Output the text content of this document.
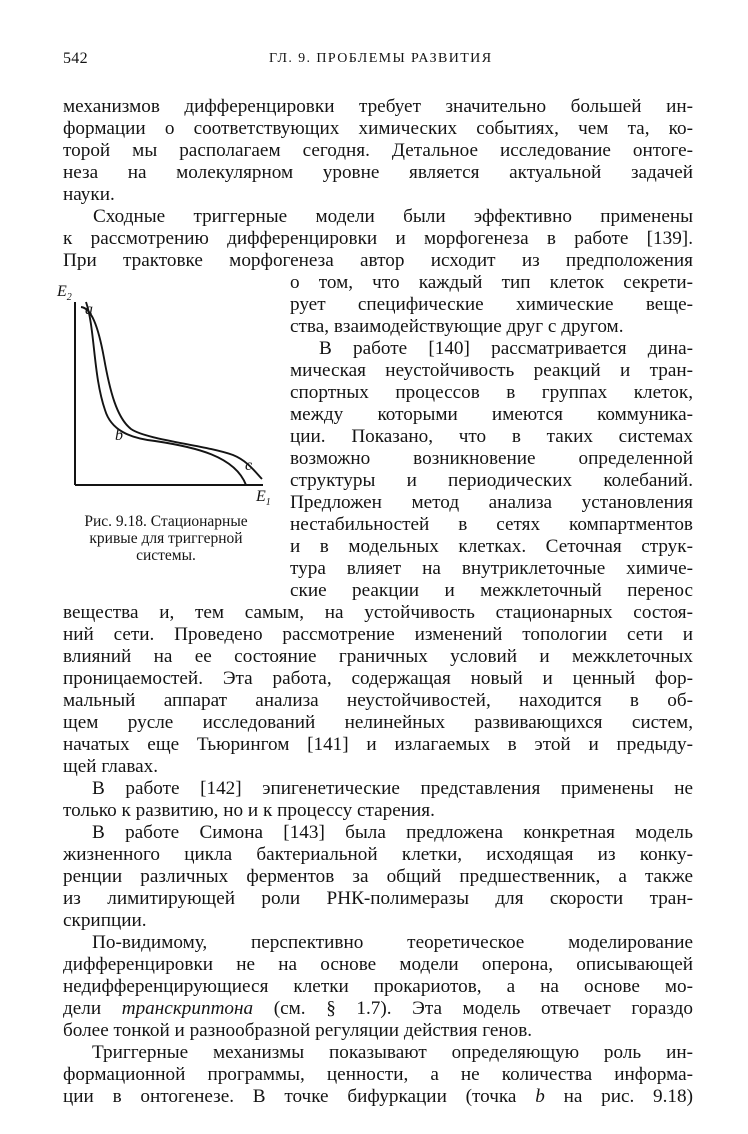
542	ГЛ. 9. ПРОБЛЕМЫ РАЗВИТИЯ
механизмов дифференцировки требует значительно большей ин-
формации о соответствующих химических событиях, чем та, ко-
торой мы располагаем сегодня. Детальное исследование онтоге-
неза на молекулярном уровне является актуальной задачей
науки.
Сходные триггерные модели были эффективно применены
к рассмотрению дифференцировки и морфогенеза в работе [139].
При трактовке морфогенеза автор исходит из предположения
о том, что каждый тип клеток секрети-
рует специфические химические веще-
ства, взаимодействующие друг с другом.
В работе [140] рассматривается дина-
мическая неустойчивость реакций и тран-
спортных процессов в группах клеток,
между которыми имеются коммуника-
ции. Показано, что в таких системах
возможно возникновение определенной
структуры и периодических колебаний.
Предложен метод анализа установления
нестабильностей в сетях компартментов
и в модельных клетках. Сеточная струк-
тура влияет на внутриклеточные химиче-
ские реакции и межклеточный перенос
вещества и, тем самым, на устойчивость стационарных состоя-
ний сети. Проведено рассмотрение изменений топологии сети и
влияний на ее состояние граничных условий и межклеточных
проницаемостей. Эта работа, содержащая новый и ценный фор-
мальный аппарат анализа неустойчивостей, находится в об-
щем русле исследований нелинейных развивающихся систем,
начатых еще Тьюрингом [141] и излагаемых в этой и предыду-
щей главах.
В работе [142] эпигенетические представления применены не
только к развитию, но и к процессу старения.
В работе Симона [143] была предложена конкретная модель
жизненного цикла бактериальной клетки, исходящая из конку-
ренции различных ферментов за общий предшественник, а также
из лимитирующей роли РНК-полимеразы для скорости тран-
скрипции.
По-видимому, перспективно теоретическое моделирование
дифференцировки не на основе модели оперона, описывающей
недифференцирующиеся клетки прокариотов, а на основе мо-
дели транскриптона (см. § 1.7). Эта модель отвечает гораздо
более тонкой и разнообразной регуляции действия генов.
Триггерные механизмы показывают определяющую роль ин-
формационной программы, ценности, а не количества информа-
ции в онтогенезе. В точке бифуркации (точка b на рис. 9.18)
$E_2$
a
b
c
$E_1$
Рис. 9.18. Стационарные
кривые для триггерной
системы.
